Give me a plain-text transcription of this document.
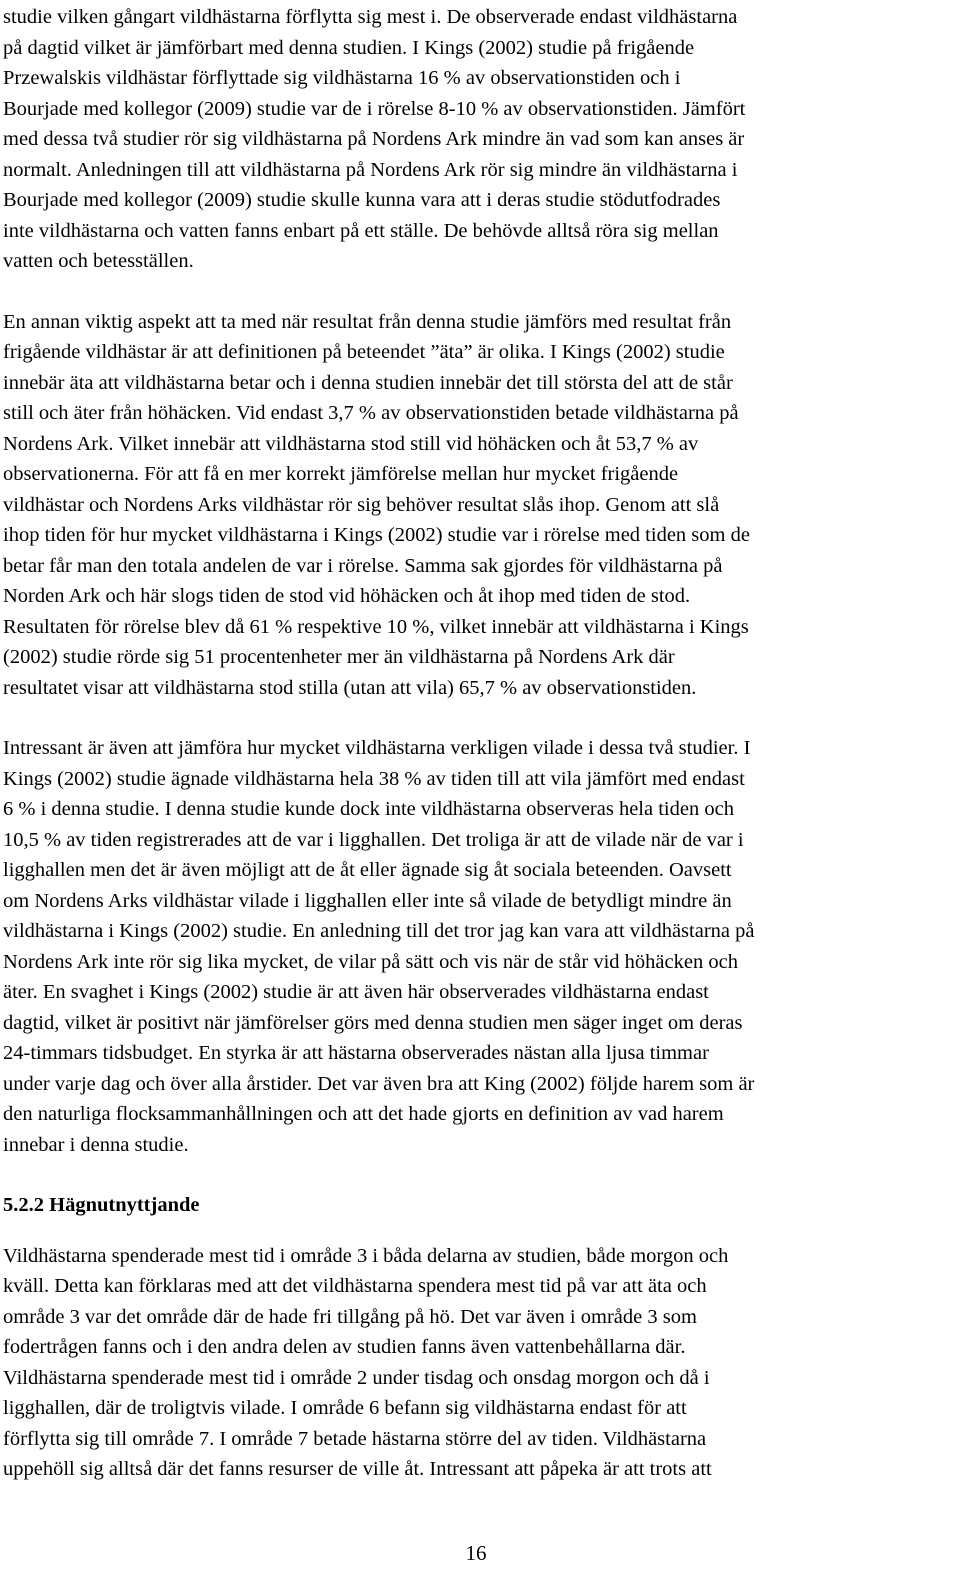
studie vilken gångart vildhästarna förflytta sig mest i. De observerade endast vildhästarna
på dagtid vilket är jämförbart med denna studien. I Kings (2002) studie på frigående
Przewalskis vildhästar förflyttade sig vildhästarna 16 % av observationstiden och i
Bourjade med kollegor (2009) studie var de i rörelse 8-10 % av observationstiden. Jämfört
med dessa två studier rör sig vildhästarna på Nordens Ark mindre än vad som kan anses är
normalt. Anledningen till att vildhästarna på Nordens Ark rör sig mindre än vildhästarna i
Bourjade med kollegor (2009) studie skulle kunna vara att i deras studie stödutfodrades
inte vildhästarna och vatten fanns enbart på ett ställe. De behövde alltså röra sig mellan
vatten och betesställen.

En annan viktig aspekt att ta med när resultat från denna studie jämförs med resultat från
frigående vildhästar är att definitionen på beteendet ”äta” är olika. I Kings (2002) studie
innebär äta att vildhästarna betar och i denna studien innebär det till största del att de står
still och äter från höhäcken. Vid endast 3,7 % av observationstiden betade vildhästarna på
Nordens Ark. Vilket innebär att vildhästarna stod still vid höhäcken och åt 53,7 % av
observationerna. För att få en mer korrekt jämförelse mellan hur mycket frigående
vildhästar och Nordens Arks vildhästar rör sig behöver resultat slås ihop. Genom att slå
ihop tiden för hur mycket vildhästarna i Kings (2002) studie var i rörelse med tiden som de
betar får man den totala andelen de var i rörelse. Samma sak gjordes för vildhästarna på
Norden Ark och här slogs tiden de stod vid höhäcken och åt ihop med tiden de stod.
Resultaten för rörelse blev då 61 % respektive 10 %, vilket innebär att vildhästarna i Kings
(2002) studie rörde sig 51 procentenheter mer än vildhästarna på Nordens Ark där
resultatet visar att vildhästarna stod stilla (utan att vila) 65,7 % av observationstiden.

Intressant är även att jämföra hur mycket vildhästarna verkligen vilade i dessa två studier. I
Kings (2002) studie ägnade vildhästarna hela 38 % av tiden till att vila jämfört med endast
6 % i denna studie. I denna studie kunde dock inte vildhästarna observeras hela tiden och
10,5 % av tiden registrerades att de var i ligghallen. Det troliga är att de vilade när de var i
ligghallen men det är även möjligt att de åt eller ägnade sig åt sociala beteenden. Oavsett
om Nordens Arks vildhästar vilade i ligghallen eller inte så vilade de betydligt mindre än
vildhästarna i Kings (2002) studie. En anledning till det tror jag kan vara att vildhästarna på
Nordens Ark inte rör sig lika mycket, de vilar på sätt och vis när de står vid höhäcken och
äter. En svaghet i Kings (2002) studie är att även här observerades vildhästarna endast
dagtid, vilket är positivt när jämförelser görs med denna studien men säger inget om deras
24-timmars tidsbudget. En styrka är att hästarna observerades nästan alla ljusa timmar
under varje dag och över alla årstider. Det var även bra att King (2002) följde harem som är
den naturliga flocksammanhållningen och att det hade gjorts en definition av vad harem
innebar i denna studie.

5.2.2 Hägnutnyttjande

Vildhästarna spenderade mest tid i område 3 i båda delarna av studien, både morgon och
kväll. Detta kan förklaras med att det vildhästarna spendera mest tid på var att äta och
område 3 var det område där de hade fri tillgång på hö. Det var även i område 3 som
fodertrågen fanns och i den andra delen av studien fanns även vattenbehållarna där.
Vildhästarna spenderade mest tid i område 2 under tisdag och onsdag morgon och då i
ligghallen, där de troligtvis vilade. I område 6 befann sig vildhästarna endast för att
förflytta sig till område 7. I område 7 betade hästarna större del av tiden. Vildhästarna
uppehöll sig alltså där det fanns resurser de ville åt. Intressant att påpeka är att trots att

16
